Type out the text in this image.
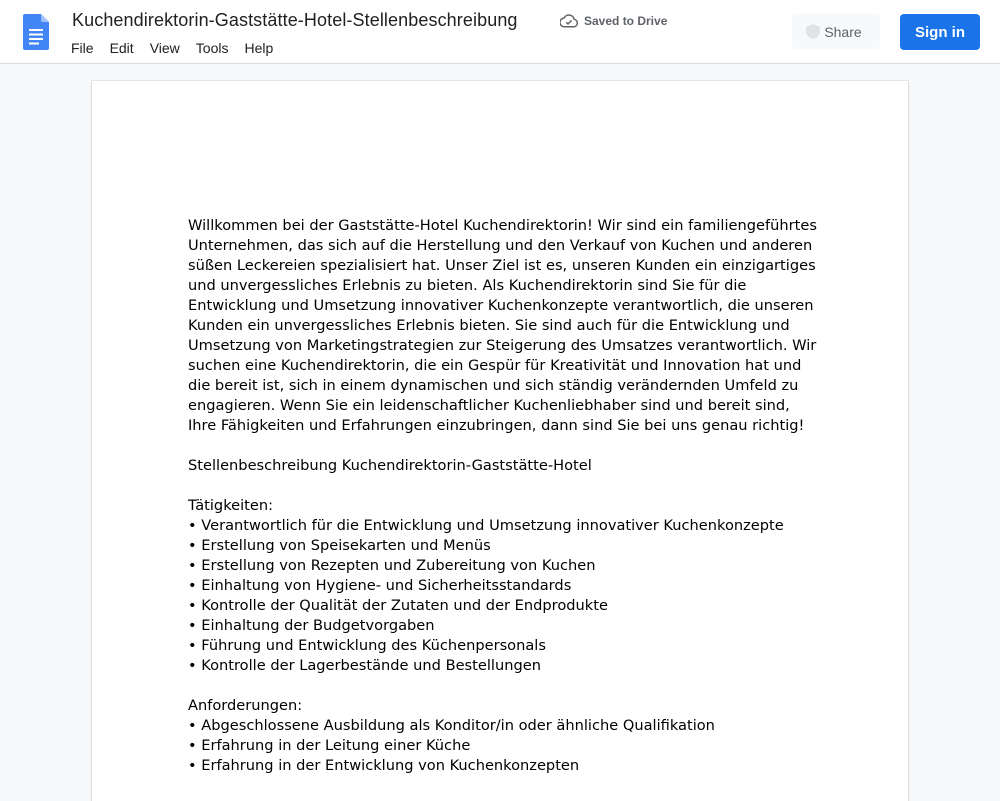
Kuchendirektorin-Gaststätte-Hotel-Stellenbeschreibung	Saved to Drive
File Edit View Tools Help
Share	Sign in

Willkommen bei der Gaststätte-Hotel Kuchendirektorin! Wir sind ein familiengeführtes Unternehmen, das sich auf die Herstellung und den Verkauf von Kuchen und anderen süßen Leckereien spezialisiert hat. Unser Ziel ist es, unseren Kunden ein einzigartiges und unvergessliches Erlebnis zu bieten. Als Kuchendirektorin sind Sie für die Entwicklung und Umsetzung innovativer Kuchenkonzepte verantwortlich, die unseren Kunden ein unvergessliches Erlebnis bieten. Sie sind auch für die Entwicklung und Umsetzung von Marketingstrategien zur Steigerung des Umsatzes verantwortlich. Wir suchen eine Kuchendirektorin, die ein Gespür für Kreativität und Innovation hat und die bereit ist, sich in einem dynamischen und sich ständig verändernden Umfeld zu engagieren. Wenn Sie ein leidenschaftlicher Kuchenliebhaber sind und bereit sind, Ihre Fähigkeiten und Erfahrungen einzubringen, dann sind Sie bei uns genau richtig!

Stellenbeschreibung Kuchendirektorin-Gaststätte-Hotel

Tätigkeiten:

• Verantwortlich für die Entwicklung und Umsetzung innovativer Kuchenkonzepte
• Erstellung von Speisekarten und Menüs
• Erstellung von Rezepten und Zubereitung von Kuchen
• Einhaltung von Hygiene- und Sicherheitsstandards
• Kontrolle der Qualität der Zutaten und der Endprodukte
• Einhaltung der Budgetvorgaben
• Führung und Entwicklung des Küchenpersonals
• Kontrolle der Lagerbestände und Bestellungen

Anforderungen:

• Abgeschlossene Ausbildung als Konditor/in oder ähnliche Qualifikation
• Erfahrung in der Leitung einer Küche
• Erfahrung in der Entwicklung von Kuchenkonzepten
